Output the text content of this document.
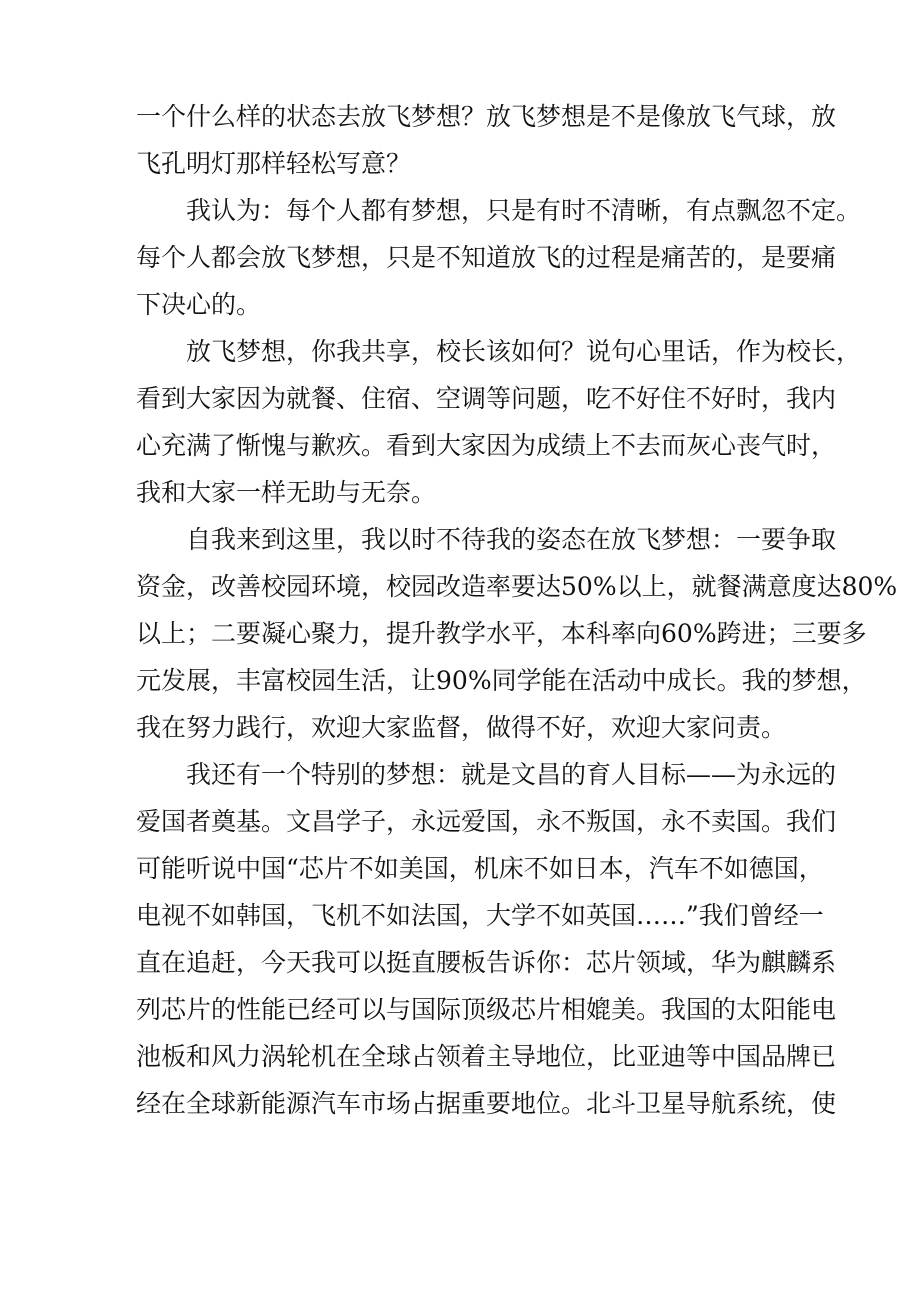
一个什么样的状态去放飞梦想？放飞梦想是不是像放飞气球，放
飞孔明灯那样轻松写意？
我认为：每个人都有梦想，只是有时不清晰，有点飘忽不定。
每个人都会放飞梦想，只是不知道放飞的过程是痛苦的，是要痛
下决心的。
放飞梦想，你我共享，校长该如何？说句心里话，作为校长，
看到大家因为就餐、住宿、空调等问题，吃不好住不好时，我内
心充满了惭愧与歉疚。看到大家因为成绩上不去而灰心丧气时，
我和大家一样无助与无奈。
自我来到这里，我以时不待我的姿态在放飞梦想：一要争取
资金，改善校园环境，校园改造率要达50%以上，就餐满意度达80%
以上；二要凝心聚力，提升教学水平，本科率向60%跨进；三要多
元发展，丰富校园生活，让90%同学能在活动中成长。我的梦想，
我在努力践行，欢迎大家监督，做得不好，欢迎大家问责。
我还有一个特别的梦想：就是文昌的育人目标——为永远的
爱国者奠基。文昌学子，永远爱国，永不叛国，永不卖国。我们
可能听说中国“芯片不如美国，机床不如日本，汽车不如德国，
电视不如韩国，飞机不如法国，大学不如英国……”我们曾经一
直在追赶，今天我可以挺直腰板告诉你：芯片领域，华为麒麟系
列芯片的性能已经可以与国际顶级芯片相媲美。我国的太阳能电
池板和风力涡轮机在全球占领着主导地位，比亚迪等中国品牌已
经在全球新能源汽车市场占据重要地位。北斗卫星导航系统，使
